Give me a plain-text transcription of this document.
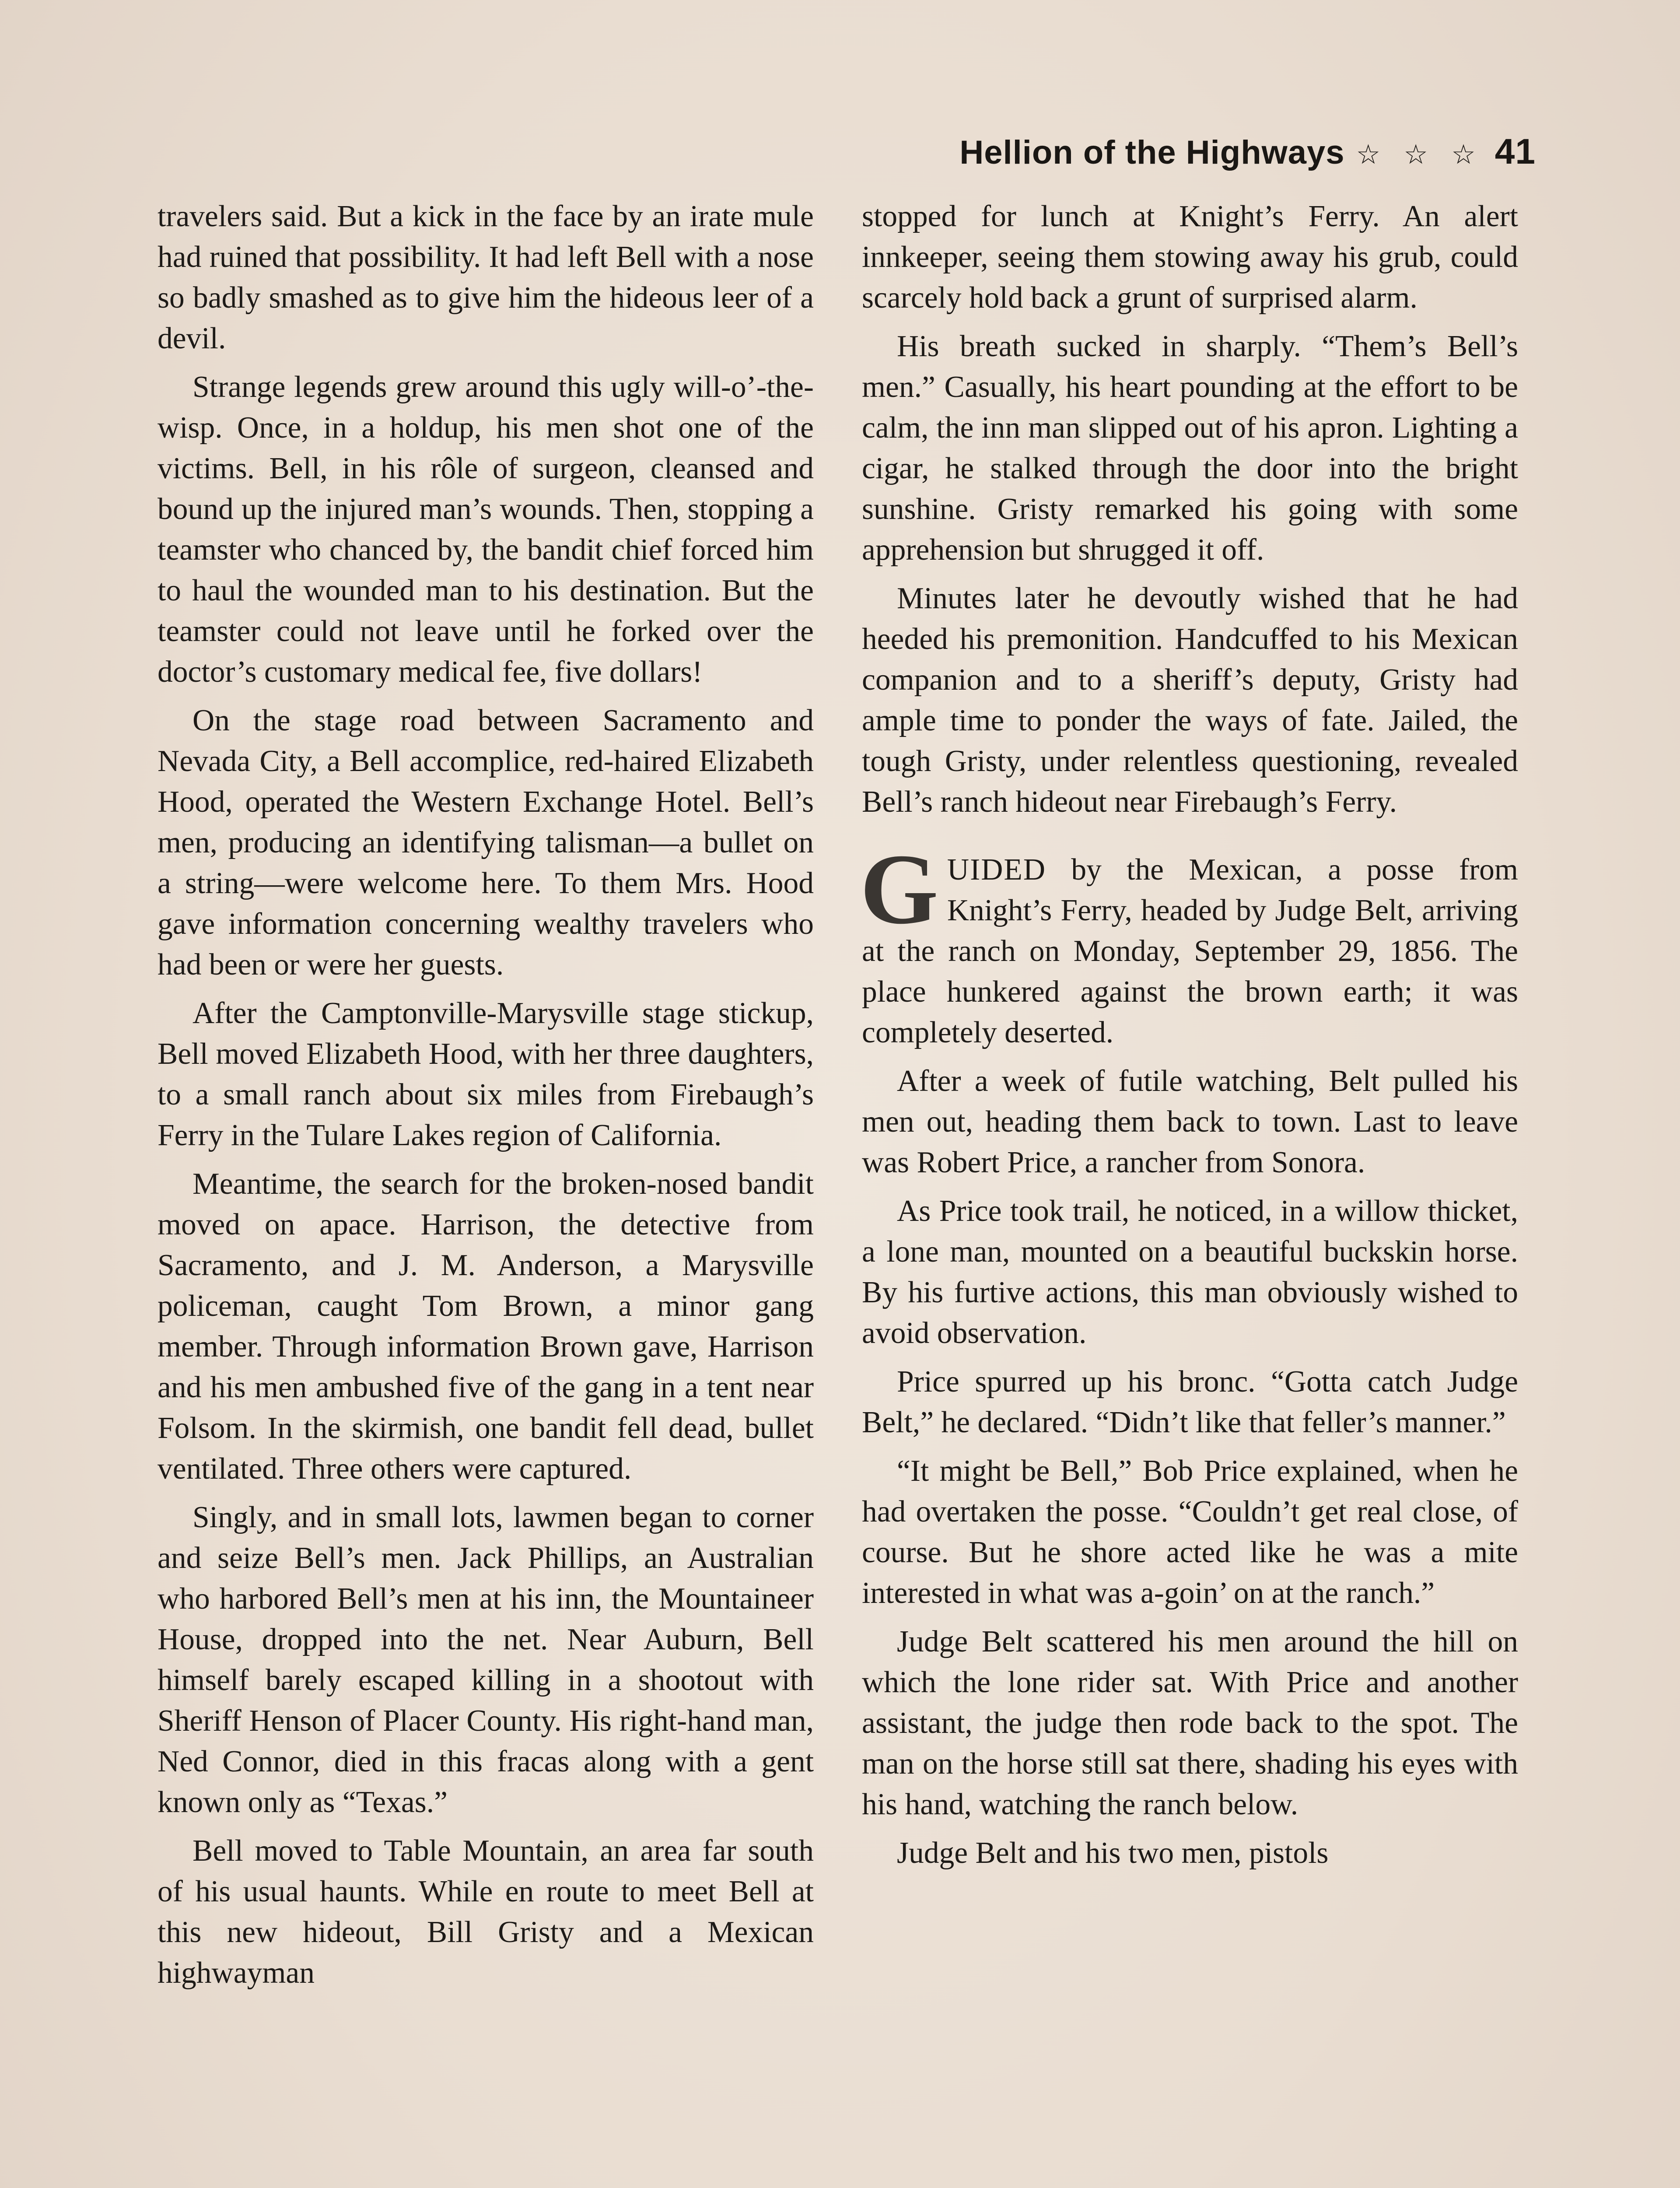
Hellion of the Highways ☆ ☆ ☆ 41

travelers said. But a kick in the face by an irate mule had ruined that possibility. It had left Bell with a nose so badly smashed as to give him the hideous leer of a devil.

Strange legends grew around this ugly will-o’-the-wisp. Once, in a holdup, his men shot one of the victims. Bell, in his rôle of surgeon, cleansed and bound up the injured man’s wounds. Then, stopping a teamster who chanced by, the bandit chief forced him to haul the wounded man to his destination. But the teamster could not leave until he forked over the doctor’s customary medical fee, five dollars!

On the stage road between Sacramento and Nevada City, a Bell accomplice, red-haired Elizabeth Hood, operated the Western Exchange Hotel. Bell’s men, producing an identifying talisman—a bullet on a string—were welcome here. To them Mrs. Hood gave information concerning wealthy travelers who had been or were her guests.

After the Camptonville-Marysville stage stickup, Bell moved Elizabeth Hood, with her three daughters, to a small ranch about six miles from Firebaugh’s Ferry in the Tulare Lakes region of California.

Meantime, the search for the broken-nosed bandit moved on apace. Harrison, the detective from Sacramento, and J. M. Anderson, a Marysville policeman, caught Tom Brown, a minor gang member. Through information Brown gave, Harrison and his men ambushed five of the gang in a tent near Folsom. In the skirmish, one bandit fell dead, bullet ventilated. Three others were captured.

Singly, and in small lots, lawmen began to corner and seize Bell’s men. Jack Phillips, an Australian who harbored Bell’s men at his inn, the Mountaineer House, dropped into the net. Near Auburn, Bell himself barely escaped killing in a shootout with Sheriff Henson of Placer County. His right-hand man, Ned Connor, died in this fracas along with a gent known only as “Texas.”

Bell moved to Table Mountain, an area far south of his usual haunts. While en route to meet Bell at this new hideout, Bill Gristy and a Mexican highwayman

stopped for lunch at Knight’s Ferry. An alert innkeeper, seeing them stowing away his grub, could scarcely hold back a grunt of surprised alarm.

His breath sucked in sharply. “Them’s Bell’s men.” Casually, his heart pounding at the effort to be calm, the inn man slipped out of his apron. Lighting a cigar, he stalked through the door into the bright sunshine. Gristy remarked his going with some apprehension but shrugged it off.

Minutes later he devoutly wished that he had heeded his premonition. Handcuffed to his Mexican companion and to a sheriff’s deputy, Gristy had ample time to ponder the ways of fate. Jailed, the tough Gristy, under relentless questioning, revealed Bell’s ranch hideout near Firebaugh’s Ferry.

GUIDED by the Mexican, a posse from Knight’s Ferry, headed by Judge Belt, arriving at the ranch on Monday, September 29, 1856. The place hunkered against the brown earth; it was completely deserted.

After a week of futile watching, Belt pulled his men out, heading them back to town. Last to leave was Robert Price, a rancher from Sonora.

As Price took trail, he noticed, in a willow thicket, a lone man, mounted on a beautiful buckskin horse. By his furtive actions, this man obviously wished to avoid observation.

Price spurred up his bronc. “Gotta catch Judge Belt,” he declared. “Didn’t like that feller’s manner.”

“It might be Bell,” Bob Price explained, when he had overtaken the posse. “Couldn’t get real close, of course. But he shore acted like he was a mite interested in what was a-goin’ on at the ranch.”

Judge Belt scattered his men around the hill on which the lone rider sat. With Price and another assistant, the judge then rode back to the spot. The man on the horse still sat there, shading his eyes with his hand, watching the ranch below.

Judge Belt and his two men, pistols
